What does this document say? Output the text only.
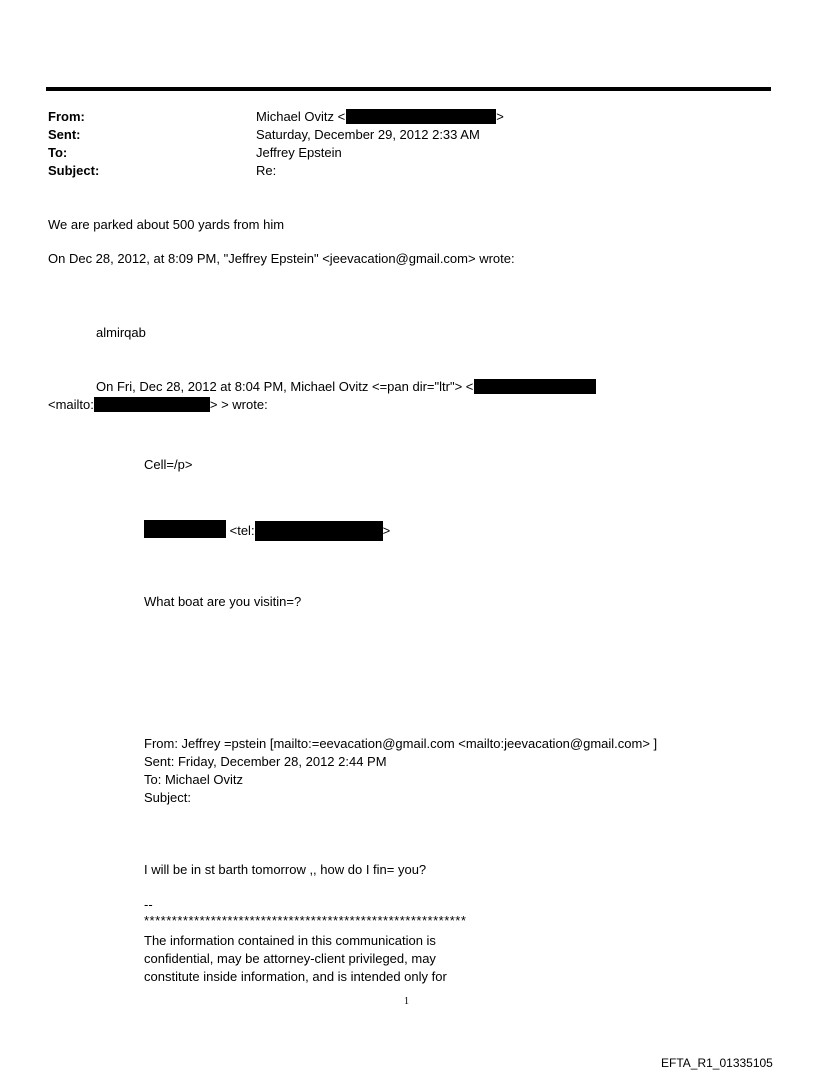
From:	Michael Ovitz <	>
Sent:	Saturday, December 29, 2012 2:33 AM
To:	Jeffrey Epstein
Subject:	Re:
We are parked about 500 yards from him
On Dec 28, 2012, at 8:09 PM, "Jeffrey Epstein" <jeevacation@gmail.com> wrote:
almirqab
On Fri, Dec 28, 2012 at 8:04 PM, Michael Ovitz <=pan dir="ltr"> <
<mailto:	> > wrote:
Cell=/p>
<tel:	>
What boat are you visitin=?
From: Jeffrey =pstein [mailto:=eevacation@gmail.com <mailto:jeevacation@gmail.com> ]
Sent: Friday, December 28, 2012 2:44 PM
To: Michael Ovitz
Subject:
I will be in st barth tomorrow ,, how do I fin= you?
--
**********************************************************
The information contained in this communication is
confidential, may be attorney-client privileged, may
constitute inside information, and is intended only for
1
EFTA_R1_01335105
